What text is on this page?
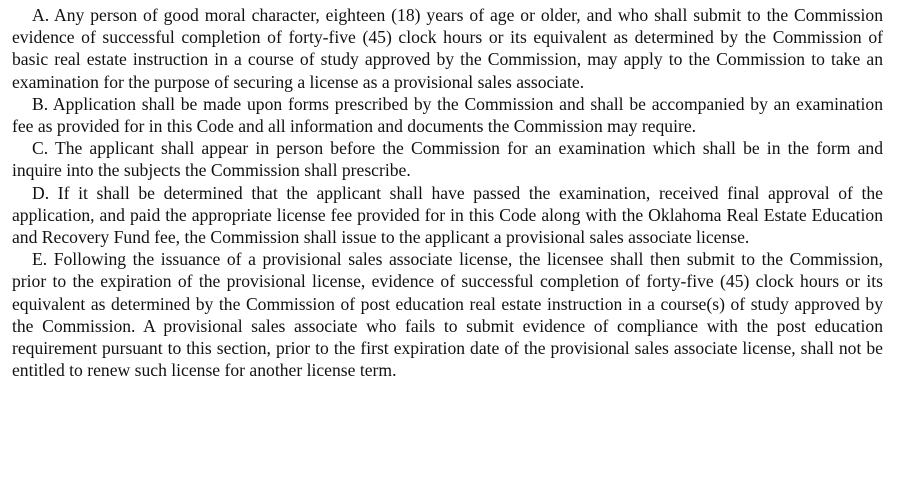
A. Any person of good moral character, eighteen (18) years of age or older, and who shall submit to the Commission evidence of successful completion of forty-five (45) clock hours or its equivalent as determined by the Commission of basic real estate instruction in a course of study approved by the Commission, may apply to the Commission to take an examination for the purpose of securing a license as a provisional sales associate.

B. Application shall be made upon forms prescribed by the Commission and shall be accompanied by an examination fee as provided for in this Code and all information and documents the Commission may require.

C. The applicant shall appear in person before the Commission for an examination which shall be in the form and inquire into the subjects the Commission shall prescribe.

D. If it shall be determined that the applicant shall have passed the examination, received final approval of the application, and paid the appropriate license fee provided for in this Code along with the Oklahoma Real Estate Education and Recovery Fund fee, the Commission shall issue to the applicant a provisional sales associate license.

E. Following the issuance of a provisional sales associate license, the licensee shall then submit to the Commission, prior to the expiration of the provisional license, evidence of successful completion of forty-five (45) clock hours or its equivalent as determined by the Commission of post education real estate instruction in a course(s) of study approved by the Commission. A provisional sales associate who fails to submit evidence of compliance with the post education requirement pursuant to this section, prior to the first expiration date of the provisional sales associate license, shall not be entitled to renew such license for another license term.
